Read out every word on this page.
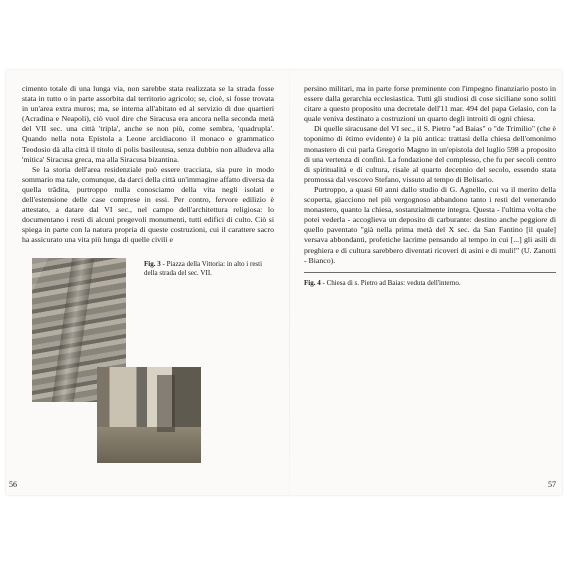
cimento totale di una lunga via, non sarebbe stata realizzata se la strada fosse stata in tutto o in parte assorbita dal territorio agricolo; se, cioè, si fosse trovata in un'area extra muros; ma, se interna all'abitato ed al servizio di due quartieri (Acradina e Neapoli), ciò vuol dire che Siracusa era ancora nella seconda metà del VII sec. una città 'tripla', anche se non più, come sembra, 'quadrupla'. Quando nella nota Epistola a Leone arcidiacono il monaco e grammatico Teodosio dà alla città il titolo di polis basileuusa, senza dubbio non alludeva alla 'mitica' Siracusa greca, ma alla Siracusa bizantina.

Se la storia dell'area residenziale può essere tracciata, sia pure in modo sommario ma tale, comunque, da darci della città un'immagine affatto diversa da quella trādita, purtroppo nulla conosciamo della vita negli isolati e dell'estensione delle case comprese in essi. Per contro, fervore edilizio è attestato, a datare dal VI sec., nel campo dell'architettura religiosa: lo documentano i resti di alcuni pregevoli monumenti, tutti edifici di culto. Ciò si spiega in parte con la natura propria di queste costruzioni, cui il carattere sacro ha assicurato una vita più lunga di quelle civili e

Fig. 3 - Piazza della Vittoria: in alto i resti della strada del sec. VII.

persino militari, ma in parte forse preminente con l'impegno finanziario posto in essere dalla gerarchia ecclesiastica. Tutti gli studiosi di cose siciliane sono soliti citare a questo proposito una decretale dell'11 mar. 494 del papa Gelasio, con la quale veniva destinato a costruzioni un quarto degli introiti di ogni chiesa.

Di quelle siracusane del VI sec., il S. Pietro "ad Baias" o "de Trimilio" (che è toponimo di ètimo evidente) è la più antica: trattasi della chiesa dell'omonimo monastero di cui parla Gregorio Magno in un'epistola del luglio 598 a proposito di una vertenza di confini. La fondazione del complesso, che fu per secoli centro di spiritualità e di cultura, risale al quarto decennio del secolo, essendo stata promossa dal vescovo Stefano, vissuto al tempo di Belisario.

Purtroppo, a quasi 60 anni dallo studio di G. Agnello, cui va il merito della scoperta, giacciono nel più vergognoso abbandono tanto i resti del venerando monastero, quanto la chiesa, sostanzialmente integra. Questa - l'ultima volta che potei vederla - accoglieva un deposito di carburante: destino anche peggiore di quello paventato "già nella prima metà del X sec. da San Fantino [il quale] versava abbondanti, profetiche lacrime pensando al tempo in cui [...] gli asili di preghiera e di cultura sarebbero diventati ricoveri di asini e di muli!" (U. Zanotti - Bianco).

Fig. 4 - Chiesa di s. Pietro ad Baias: veduta dell'interno.
56	57
